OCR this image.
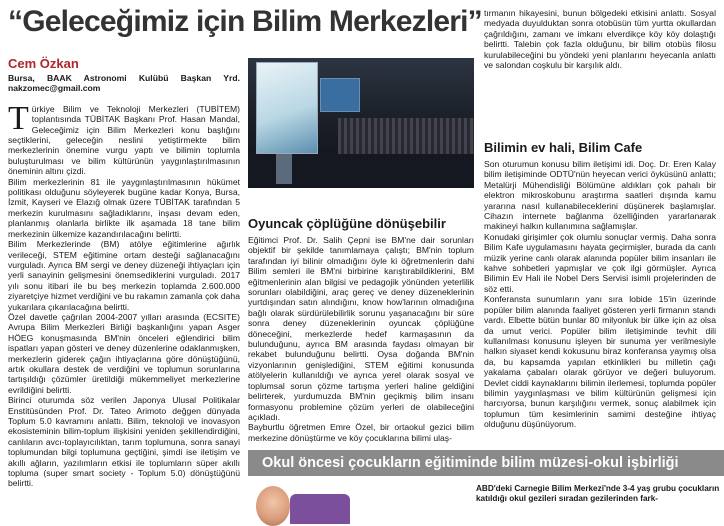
“Geleceğimiz için Bilim Merkezleri”
Cem Özkan
Bursa, BAAK Astronomi Kulübü Başkan Yrd. nakzomec@gmail.com

Türkiye Bilim ve Teknoloji Merkezleri (TUBİTEM) toplantısında TÜBİTAK Başkanı Prof. Hasan Mandal, Geleceğimiz için Bilim Merkezleri konu başlığını seçtiklerini, geleceğin neslini yetiştirmekte bilim merkezlerinin önemine vurgu yaptı ve bilimin toplumla buluşturulması ve bilim kültürünün yaygınlaştırılmasının öneminin altını çizdi.

Bilim merkezlerinin 81 ile yaygınlaştırılmasının hükümet politikası olduğunu söyleyerek bugüne kadar Konya, Bursa, İzmit, Kayseri ve Elazığ olmak üzere TÜBİTAK tarafından 5 merkezin kurulmasını sağladıklarını, inşası devam eden, planlanmış olanlarla birlikte ilk aşamada 18 tane bilim merkezinin ülkemize kazandırılacağını belirtti.

Bilim Merkezlerinde (BM) atölye eğitimlerine ağırlık verileceği, STEM eğitimine ortam desteği sağlanacağını vurguladı. Ayrıca BM sergi ve deney düzeneği ihtiyaçları için yerli sanayinin gelişmesini önemsediklerini vurguladı. 2017 yılı sonu itibari ile bu beş merkezin toplamda 2.600.000 ziyaretçiye hizmet verdiğini ve bu rakamın zamanla çok daha yukarılara çıkarılacağına belirtti.

Özel davetle çağrılan 2004-2007 yılları arasında (ECSITE) Avrupa Bilim Merkezleri Birliği başkanlığını yapan Asger HÖEG konuşmasında BM'nin önceleri eğlendirici bilim ispatları yapan gösteri ve deney düzenlerine odaklanmışken, merkezlerin giderek çağın ihtiyaçlarına göre dönüştüğünü, artık okullara destek de verdiğini ve toplumun sorunlarına tartışıldığı çözümler üretildiği mükemmeliyet merkezlerine evrildiğini belirtti.

Birinci oturumda söz verilen Japonya Ulusal Politikalar Enstitüsünden Prof. Dr. Tateo Arimoto değgen dünyada Toplum 5.0 kavramını anlattı. Bilim, teknoloji ve inovasyon ekosisteminin bilim-toplum ilişkisini yeniden şekillendirdiğini, canlıların avcı-toplayıcılıktan, tarım toplumuna, sonra sanayi toplumundan bilgi toplumuna geçtiğini, şimdi ise iletişim ve akıllı ağların, yazılımların etkisi ile toplumların süper akıllı topluma (super smart society - Toplum 5.0) dönüştüğünü belirtti.

Oyuncak çöplüğüne dönüşebilir

Eğitimci Prof. Dr. Salih Çepni ise BM'ne dair sorunları objektif bir şekilde tanımlamaya çalıştı; BM'nin toplum tarafından iyi bilinir olmadığını öyle ki öğretmenlerin dahi Bilim semleri ile BM'ni birbirine karıştırabildiklerini, BM eğitmenlerinin alan bilgisi ve pedagojik yönünden yeterlilik sorunları olabildiğini, araç gereç ve deney düzeneklerinin yurtdışından satın alındığını, know how'larının olmadığına bağlı olarak sürdürülebilirlik sorunu yaşanacağını bir süre sonra deney düzeneklerinin oyuncak çöplüğüne döneceğini, merkezlerde hedef karmaşasının da bulunduğunu, ayrıca BM arasında faydası olmayan bir rekabet bulunduğunu belirtti. Oysa doğanda BM'nin vizyonlarının genişlediğini, STEM eğitimi konusunda atölyelerin kullanıldığı ve ayrıca yerel olarak sosyal ve toplumsal sorun çözme tartışma yerleri haline geldiğini belirterek, yurdumuzda BM'nin geçikmiş bilim insanı formasyonu problemine çözüm yerleri de olabileceğini açıkladı.

Bayburtlu öğretmen Emre Özel, bir ortaokul gezici bilim merkezine dönüştürme ve köy çocuklarına bilimi ulaş-

tırmanın hikayesini, bunun bölgedeki etkisini anlattı. Sosyal medyada duyulduktan sonra otobüsün tüm yurtta okullardan çağrıldığını, zamanı ve imkanı elverdikçe köy köy dolaştığı belirtti. Talebin çok fazla olduğunu, bir bilim otobüs filosu kurulabileceğini bu yöndeki yeni planlarını heyecanla anlattı ve salondan coşkulu bir karşılık aldı.

Bilimin ev hali, Bilim Cafe

Son oturumun konusu bilim iletişimi idi. Doç. Dr. Eren Kalay bilim iletişiminde ODTÜ'nün heyecan verici öyküsünü anlattı; Metalürji Mühendisliği Bölümüne aldıkları çok pahalı bir elektron mikroskobunu araştırma saatleri dışında kamu yararına nasıl kullanabileceklerini düşünerek başlamışlar. Cihazın internete bağlanma özelliğinden yararlanarak makineyi halkın kullanımına sağlamışlar.

Konudaki girişimler çok olumlu sonuçlar vermiş. Daha sonra Bilim Kafe uygulamasını hayata geçirmişler, burada da canlı müzik yerine canlı olarak alanında popüler bilim insanları ile kahve sohbetleri yapmışlar ve çok ilgi görmüşler. Ayrıca Bilimin Ev Hali ile Nobel Ders Servisi isimli projelerinden de söz etti.

Konferansta sunumların yanı sıra lobide 15'in üzerinde popüler bilim alanında faaliyet gösteren yerli firmanın standı vardı. Elbette bütün bunlar 80 milyonluk bir ülke için az olsa da umut verici. Popüler bilim iletişiminde tevhit dili kullanılması konusunu işleyen bir sunuma yer verilmesiyle halkın siyaset kendi kokusunu biraz konferansa yaymış olsa da, bu kapsamda yapılan etkinlikleri bu milletin çağı yakalama çabaları olarak görüyor ve değeri buluyorum. Devlet ciddi kaynaklarını bilimin ilerlemesi, toplumda popüler bilimin yaygınlaşması ve bilim kültürünün gelişmesi için harcıyorsa, bunun karşılığını vermek, sonuç alabilmek için toplumun tüm kesimlerinin samimi desteğine ihtiyaç olduğunu düşünüyorum.

Okul öncesi çocukların eğitiminde bilim müzesi-okul işbirliği
ABD'deki Carnegie Bilim Merkezi'nde 3-4 yaş grubu çocukların katıldığı okul gezileri sıradan gezilerinden fark-
